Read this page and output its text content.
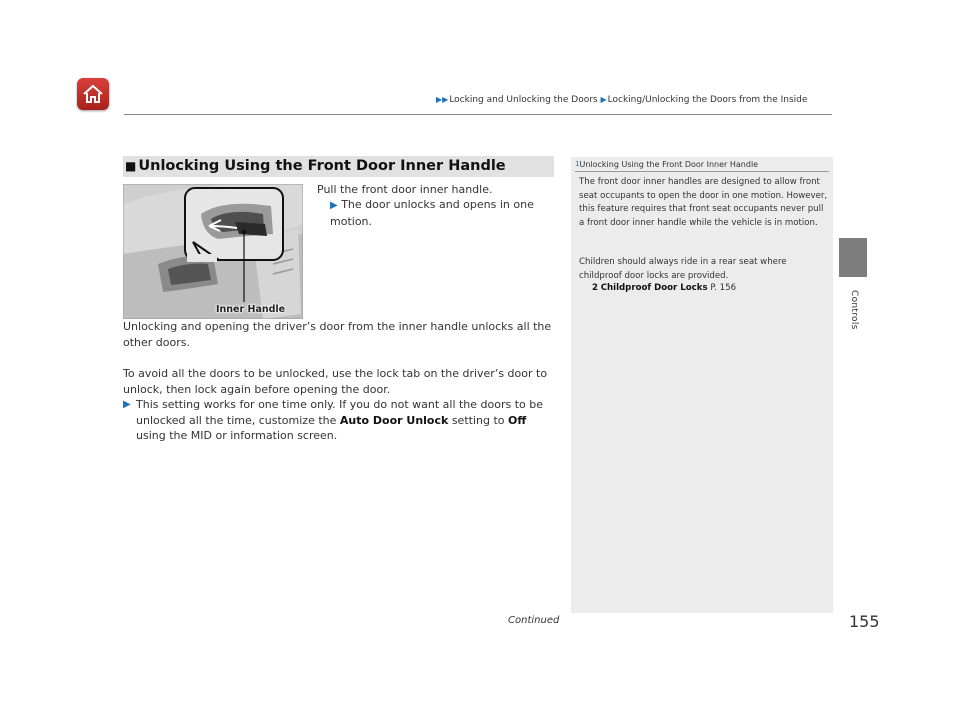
▶▶Locking and Unlocking the Doors ▶Locking/Unlocking the Doors from the Inside
Controls
■ Unlocking Using the Front Door Inner Handle
Inner Handle
Pull the front door inner handle.
▶ The door unlocks and opens in one motion.
Unlocking and opening the driver’s door from the inner handle unlocks all the other doors.
To avoid all the doors to be unlocked, use the lock tab on the driver’s door to unlock, then lock again before opening the door.
▶ This setting works for one time only. If you do not want all the doors to be unlocked all the time, customize the Auto Door Unlock setting to Off using the MID or information screen.
1Unlocking Using the Front Door Inner Handle
The front door inner handles are designed to allow front seat occupants to open the door in one motion. However, this feature requires that front seat occupants never pull a front door inner handle while the vehicle is in motion.
Children should always ride in a rear seat where childproof door locks are provided.
2 Childproof Door Locks P. 156
Continued	155
